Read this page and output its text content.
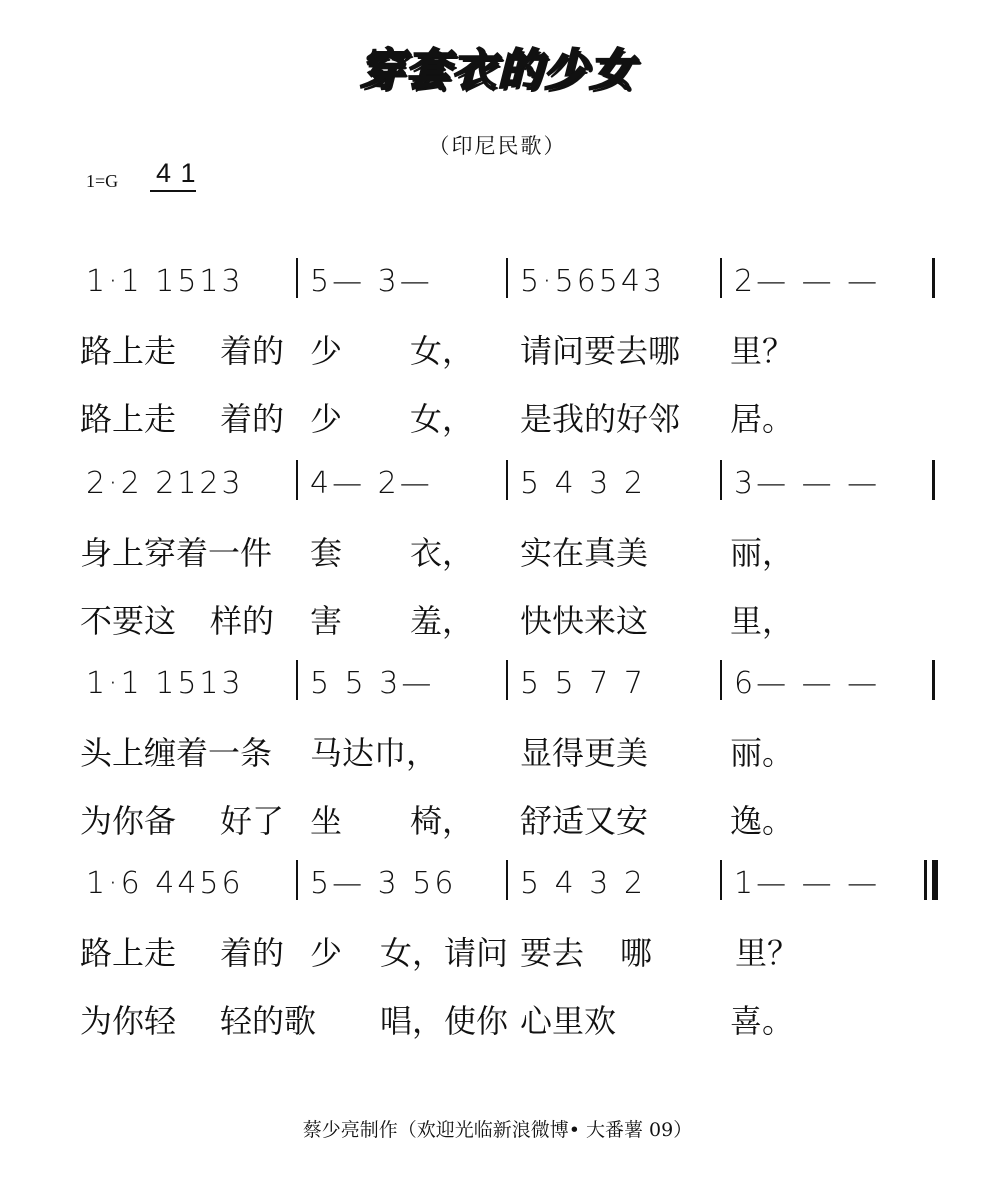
穿套衣的少女
（印尼民歌）
1=G 4 1
1·1 1513 5— 3—	5·56543 2— — —
路上走 着的 少 女， 请问要去哪 里？
路上走 着的 少 女， 是我的好邻 居。
2·2 2123 4— 2—	5 4 3 2	3— — —
身上穿着一件 套 衣， 实在真美	丽，
不要这 样的 害 羞， 快快来这	里，
1·1 1513 5 5 3—	5 5 7 7	6— — —
头上缠着一条 马达巾，	显得更美	丽。
为你备 好了 坐 椅， 舒适又安	逸。
1·6 4456 5— 3 56 5 4 3 2	1— — —
路上走 着的 少 女，请问 要去 哪	里？
为你轻 轻的歌 唱，使你 心里欢	喜。
蔡少亮制作（欢迎光临新浪微博• 大番薯 09）
